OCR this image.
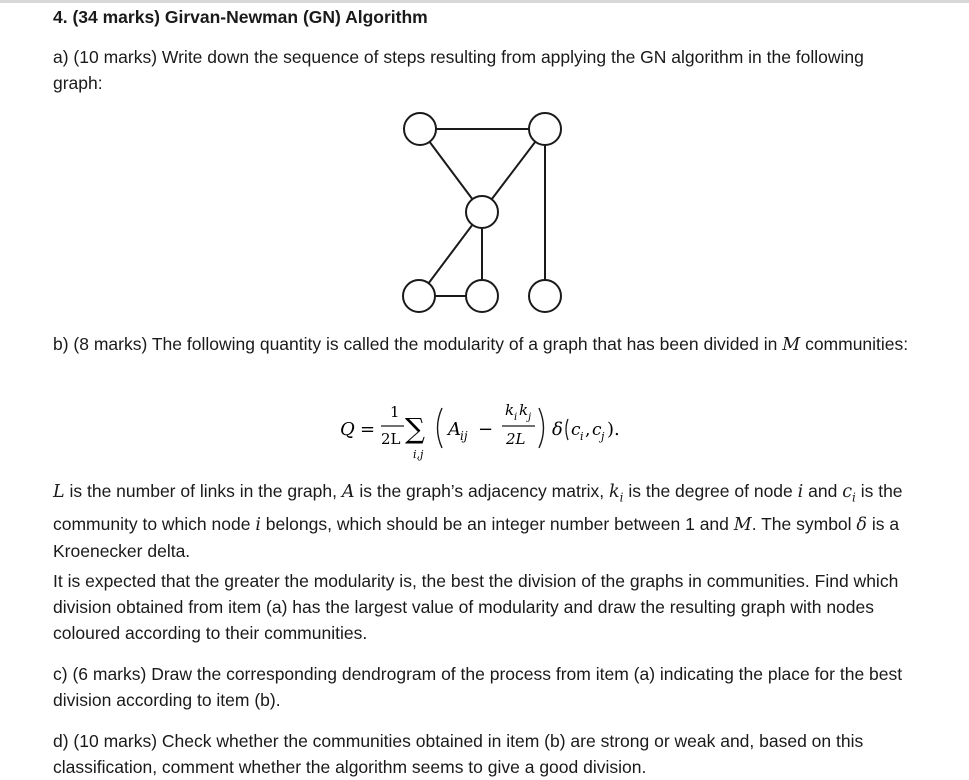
4. (34 marks) Girvan-Newman (GN) Algorithm
a) (10 marks) Write down the sequence of steps resulting from applying the GN algorithm in the following graph:
b) (8 marks) The following quantity is called the modularity of a graph that has been divided in M communities:
Q =
1
2L ∑
i,j
A ij −
k i k j
2L δ c i , c j ).
L is the number of links in the graph, A is the graph’s adjacency matrix, $k_i$ is the degree of node i and $c_i$ is the community to which node i belongs, which should be an integer number between 1 and M. The symbol δ is a Kroenecker delta.
It is expected that the greater the modularity is, the best the division of the graphs in communities. Find which division obtained from item (a) has the largest value of modularity and draw the resulting graph with nodes coloured according to their communities.
c) (6 marks) Draw the corresponding dendrogram of the process from item (a) indicating the place for the best division according to item (b).
d) (10 marks) Check whether the communities obtained in item (b) are strong or weak and, based on this classification, comment whether the algorithm seems to give a good division.
